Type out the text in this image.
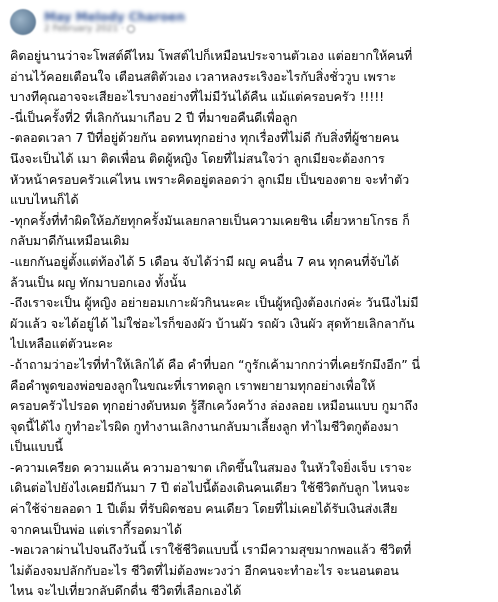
May Melody Charoen
2 February 2021 ·
คิดอยู่นานว่าจะโพสต์ดีไหม โพสต์ไปก็เหมือนประจานตัวเอง แต่อยากให้คนที่
อ่านไว้คอยเตือนใจ เตือนสติตัวเอง เวลาหลงระเริงอะไรกับสิ่งชั่ววูบ เพราะ
บางทีคุณอาจจะเสียอะไรบางอย่างที่ไม่มีวันได้คืน แม้แต่ครอบครัว !!!!!
-นี่เป็นครั้งที่2 ที่เลิกกันมาเกือบ 2 ปี ที่มาขอคืนดีเพื่อลูก
-ตลอดเวลา 7 ปีที่อยู่ด้วยกัน อดทนทุกอย่าง ทุกเรื่องที่ไม่ดี กับสิ่งที่ผู้ชายคน
นึงจะเป็นได้ เมา ติดเพื่อน ติดผู้หญิง โดยที่ไม่สนใจว่า ลูกเมียจะต้องการ
หัวหน้าครอบครัวแค่ไหน เพราะคิดอยู่ตลอดว่า ลูกเมีย เป็นของตาย จะทำตัว
แบบไหนก็ได้
-ทุกครั้งที่ทำผิดให้อภัยทุกครั้งมันเลยกลายเป็นความเคยชิน เดี๋ยวหายโกรธ ก็
กลับมาดีกันเหมือนเดิม
-แยกกันอยู่ตั้งแต่ท้องได้ 5 เดือน จับได้ว่ามี ผญ คนอื่น 7 คน ทุกคนที่จับได้
ล้วนเป็น ผญ ทักมาบอกเอง ทั้งนั้น
-ถึงเราจะเป็น ผู้หญิง อย่ายอมเกาะผัวกินนะคะ เป็นผู้หญิงต้องเก่งค่ะ วันนึงไม่มี
ผัวแล้ว จะได้อยู่ได้ ไม่ใช่อะไรก็ของผัว บ้านผัว รถผัว เงินผัว สุดท้ายเลิกลากัน
ไปเหลือแต่ตัวนะคะ
-ถ้าถามว่าอะไรที่ทำให้เลิกได้ คือ คำที่บอก “กูรักเค้ามากกว่าที่เคยรักมึงอีก” นี่
คือคำพูดของพ่อของลูกในขณะที่เราทดลูก เราพยายามทุกอย่างเพื่อให้
ครอบครัวไปรอด ทุกอย่างดับหมด รู้สึกเคว้งคว้าง ล่องลอย เหมือนแบบ กูมาถึง
จุดนี้ได้ไง กูทำอะไรผิด กูทำงานเลิกงานกลับมาเลี้ยงลูก ทำไมชีวิตกูต้องมา
เป็นแบบนี้
-ความเครียด ความแค้น ความอาฆาต เกิดขึ้นในสมอง ในหัวใจยิ่งเจ็บ เราจะ
เดินต่อไปยังไงเคยมีกันมา 7 ปี ต่อไปนี้ต้องเดินคนเดียว ใช้ชีวิตกับลูก ไหนจะ
ค่าใช้จ่ายลอดา 1 ปีเต็ม ที่รับผิดชอบ คนเดียว โดยที่ไม่เคยได้รับเงินส่งเสีย
จากคนเป็นพ่อ แต่เรากี้รอดมาได้
-พอเวลาผ่านไปจนถึงวันนี้ เราใช้ชีวิตแบบนี้ เรามีความสุขมากพอแล้ว ชีวิตที่
ไม่ต้องจมปลักกับอะไร ชีวิตที่ไม่ต้องพะวงว่า อีกคนจะทำอะไร จะนอนตอน
ไหน จะไปเที่ยวกลับดึกดื่น ชีวิตที่เลือกเองได้
